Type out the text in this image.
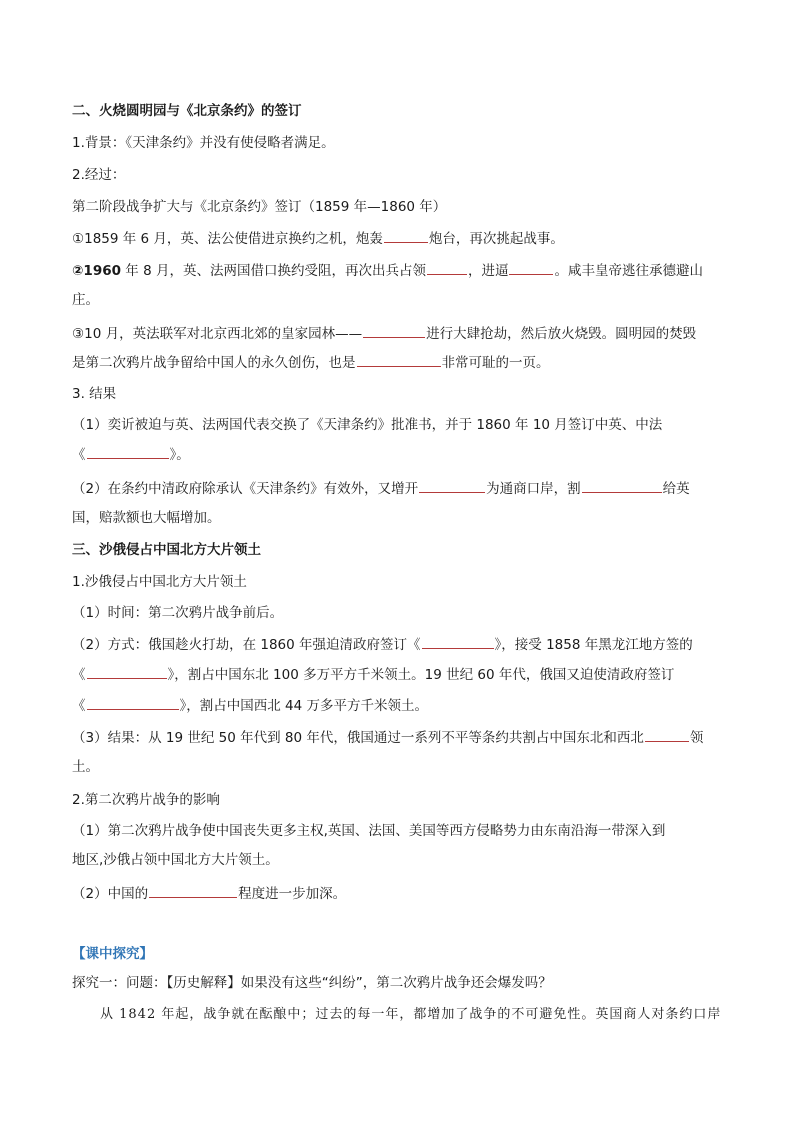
二、火烧圆明园与《北京条约》的签订
1.背景：《天津条约》并没有使侵略者满足。
2.经过：
第二阶段战争扩大与《北京条约》签订（1859 年—1860 年）
①1859 年 6 月，英、法公使借进京换约之机，炮轰	炮台，再次挑起战事。
②1960 年 8 月，英、法两国借口换约受阻，再次出兵占领	，进逼	。咸丰皇帝逃往承德避山
庄。
③10 月，英法联军对北京西北郊的皇家园林——	进行大肆抢劫，然后放火烧毁。圆明园的焚毁
是第二次鸦片战争留给中国人的永久创伤，也是	非常可耻的一页。
3. 结果
（1）奕䜣被迫与英、法两国代表交换了《天津条约》批准书，并于 1860 年 10 月签订中英、中法
《	》。
（2）在条约中清政府除承认《天津条约》有效外，又增开	为通商口岸，割	给英
国，赔款额也大幅增加。
三、沙俄侵占中国北方大片领土
1.沙俄侵占中国北方大片领土
（1）时间：第二次鸦片战争前后。
（2）方式：俄国趁火打劫，在 1860 年强迫清政府签订《	》，接受 1858 年黑龙江地方签的
《	》，割占中国东北 100 多万平方千米领土。19 世纪 60 年代，俄国又迫使清政府签订
《	》，割占中国西北 44 万多平方千米领土。
（3）结果：从 19 世纪 50 年代到 80 年代，俄国通过一系列不平等条约共割占中国东北和西北	领
土。
2.第二次鸦片战争的影响
（1）第二次鸦片战争使中国丧失更多主权,英国、法国、美国等西方侵略势力由东南沿海一带深入到
地区,沙俄占领中国北方大片领土。
（2）中国的	程度进一步加深。
【课中探究】
探究一：问题：【历史解释】如果没有这些“纠纷”，第二次鸦片战争还会爆发吗？
从 1842 年起，战争就在酝酿中；过去的每一年，都增加了战争的不可避免性。英国商人对条约口岸
